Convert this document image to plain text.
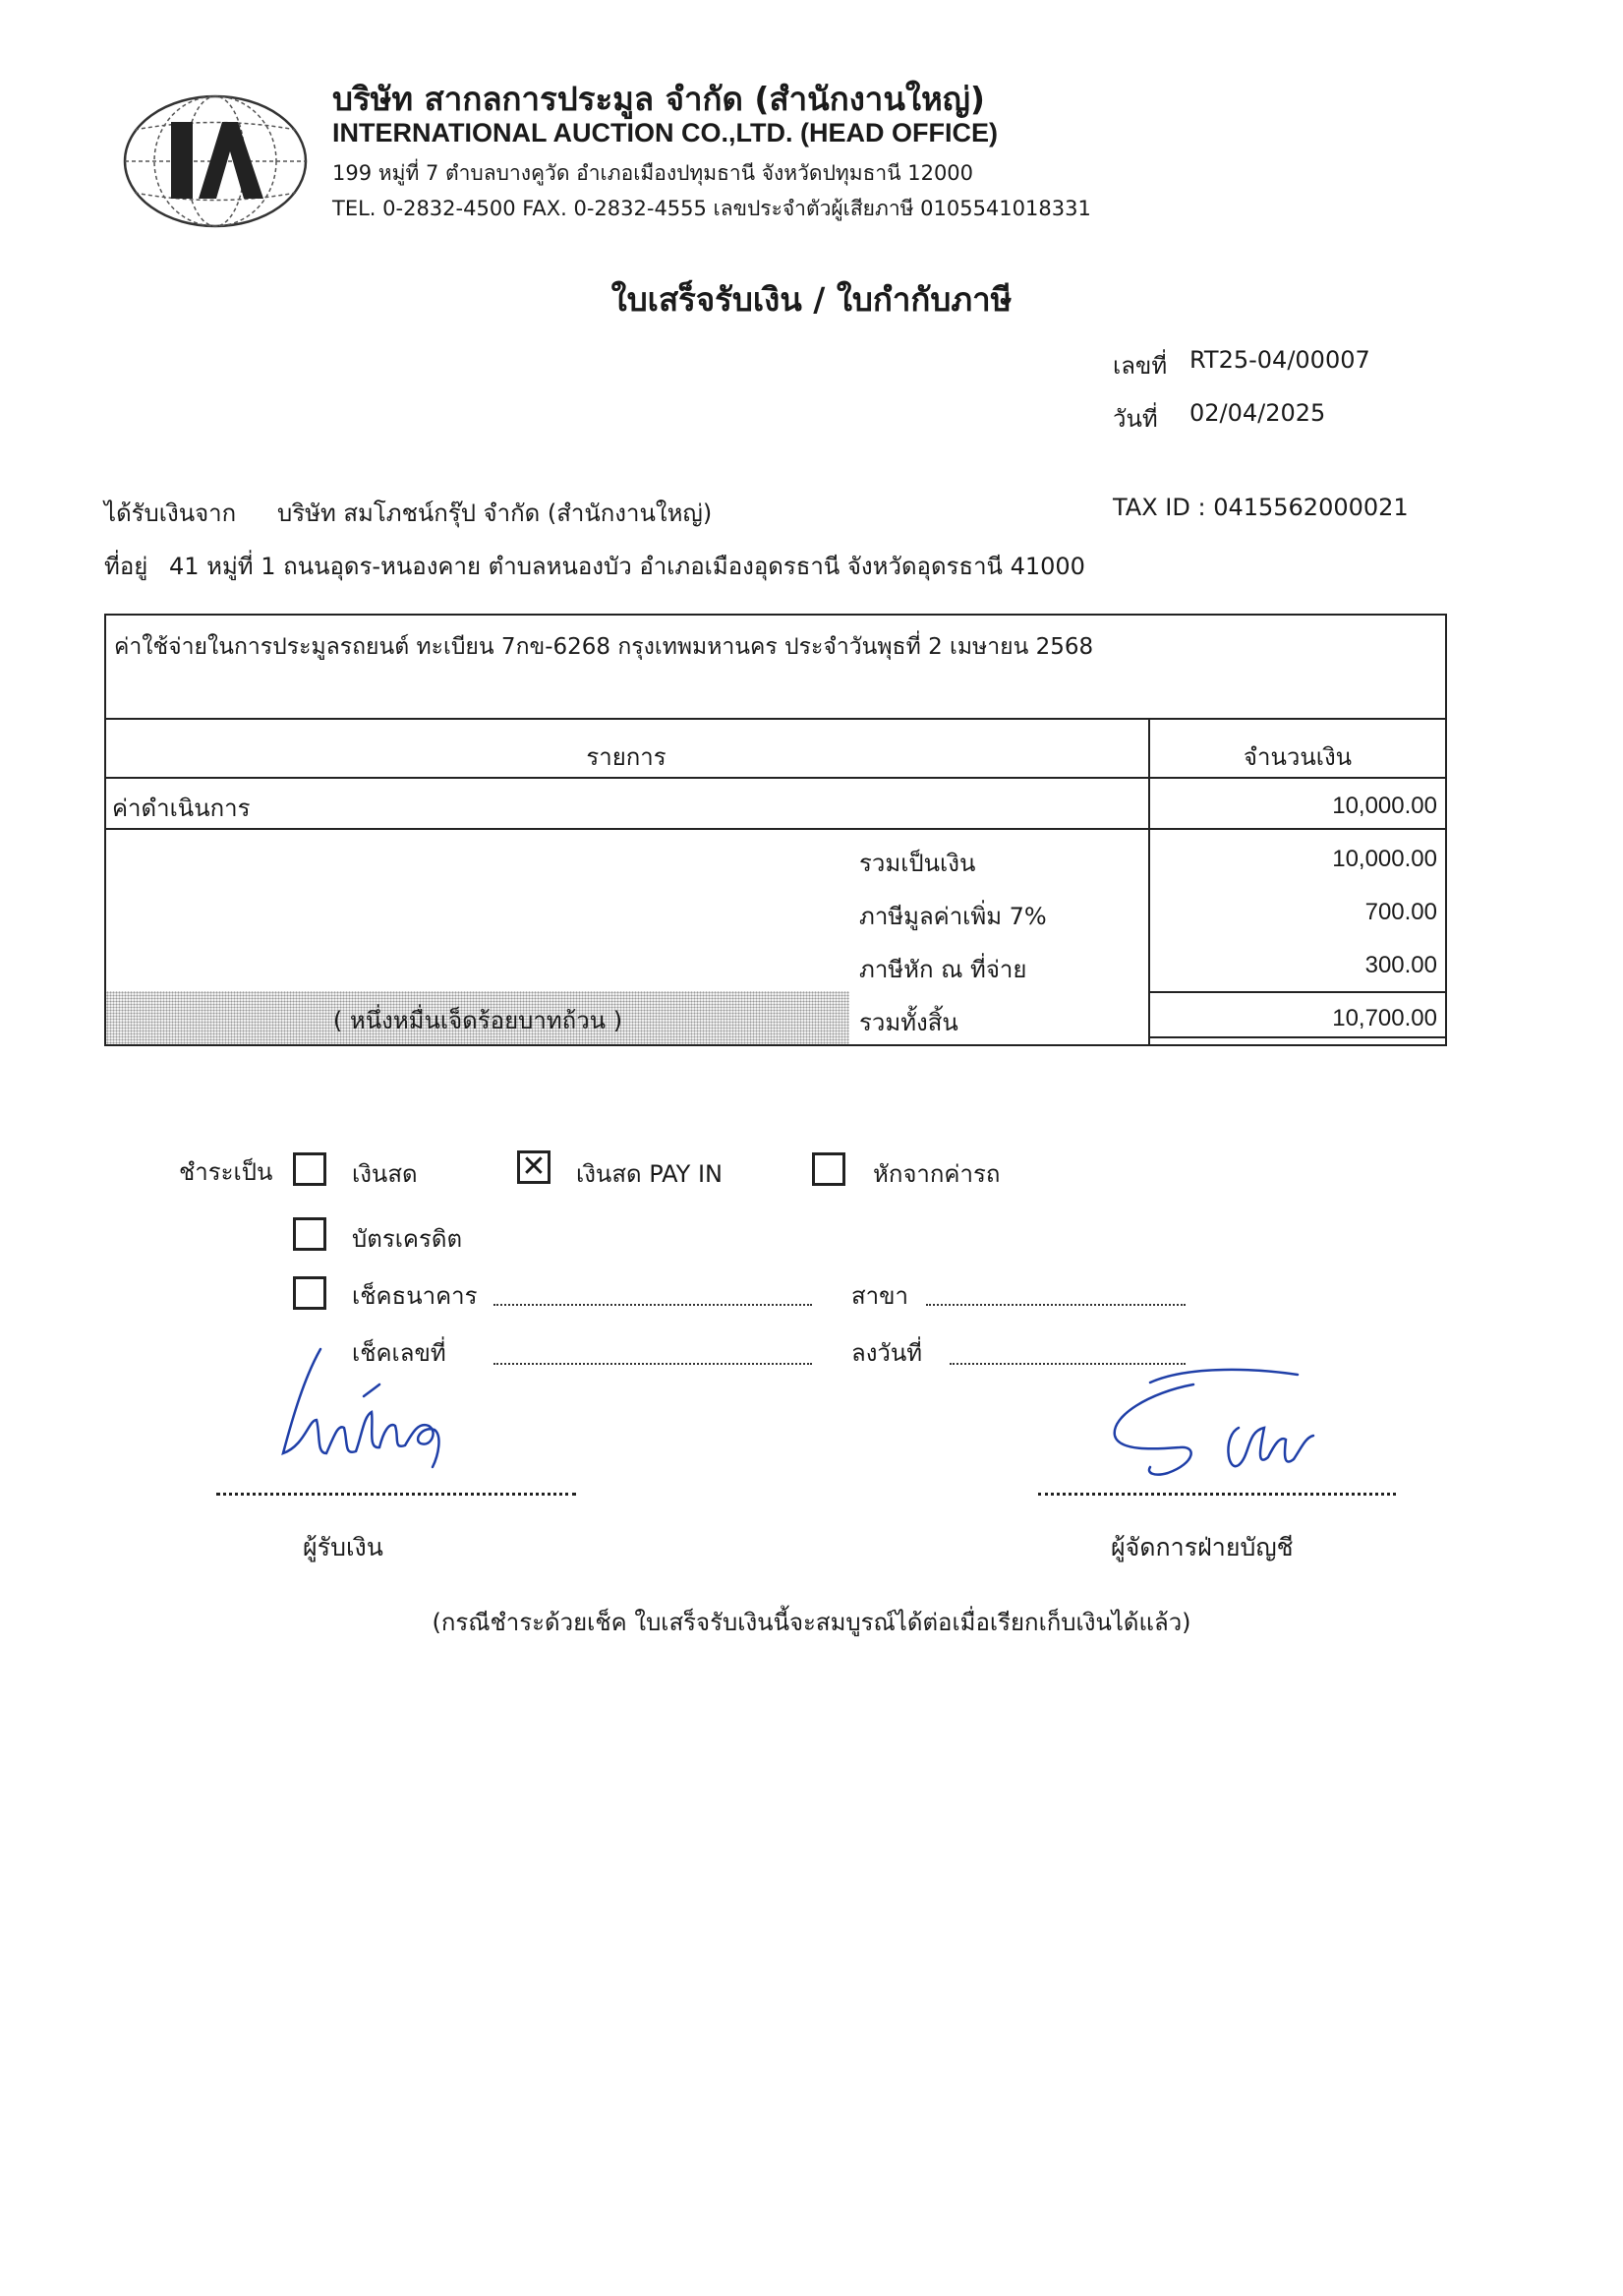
บริษัท สากลการประมูล จำกัด (สำนักงานใหญ่)
INTERNATIONAL AUCTION CO.,LTD. (HEAD OFFICE)
199 หมู่ที่ 7 ตำบลบางคูวัด อำเภอเมืองปทุมธานี จังหวัดปทุมธานี 12000
TEL. 0-2832-4500 FAX. 0-2832-4555 เลขประจำตัวผู้เสียภาษี 0105541018331
ใบเสร็จรับเงิน / ใบกำกับภาษี
เลขที่ RT25-04/00007
วันที่ 02/04/2025
ได้รับเงินจาก บริษัท สมโภชน์กรุ๊ป จำกัด (สำนักงานใหญ่)	TAX ID : 0415562000021
ที่อยู่ 41 หมู่ที่ 1 ถนนอุดร-หนองคาย ตำบลหนองบัว อำเภอเมืองอุดรธานี จังหวัดอุดรธานี 41000
ค่าใช้จ่ายในการประมูลรถยนต์ ทะเบียน 7กข-6268 กรุงเทพมหานคร ประจำวันพุธที่ 2 เมษายน 2568
รายการ	จำนวนเงิน
ค่าดำเนินการ	10,000.00
รวมเป็นเงิน	10,000.00
ภาษีมูลค่าเพิ่ม 7%	700.00
ภาษีหัก ณ ที่จ่าย	300.00
( หนึ่งหมื่นเจ็ดร้อยบาทถ้วน )	รวมทั้งสิ้น	10,700.00
ชำระเป็น	เงินสด	✕ เงินสด PAY IN	หักจากค่ารถ
บัตรเครดิต
เช็คธนาคาร	สาขา
เช็คเลขที่	ลงวันที่
ผู้รับเงิน	ผู้จัดการฝ่ายบัญชี
(กรณีชำระด้วยเช็ค ใบเสร็จรับเงินนี้จะสมบูรณ์ได้ต่อเมื่อเรียกเก็บเงินได้แล้ว)
